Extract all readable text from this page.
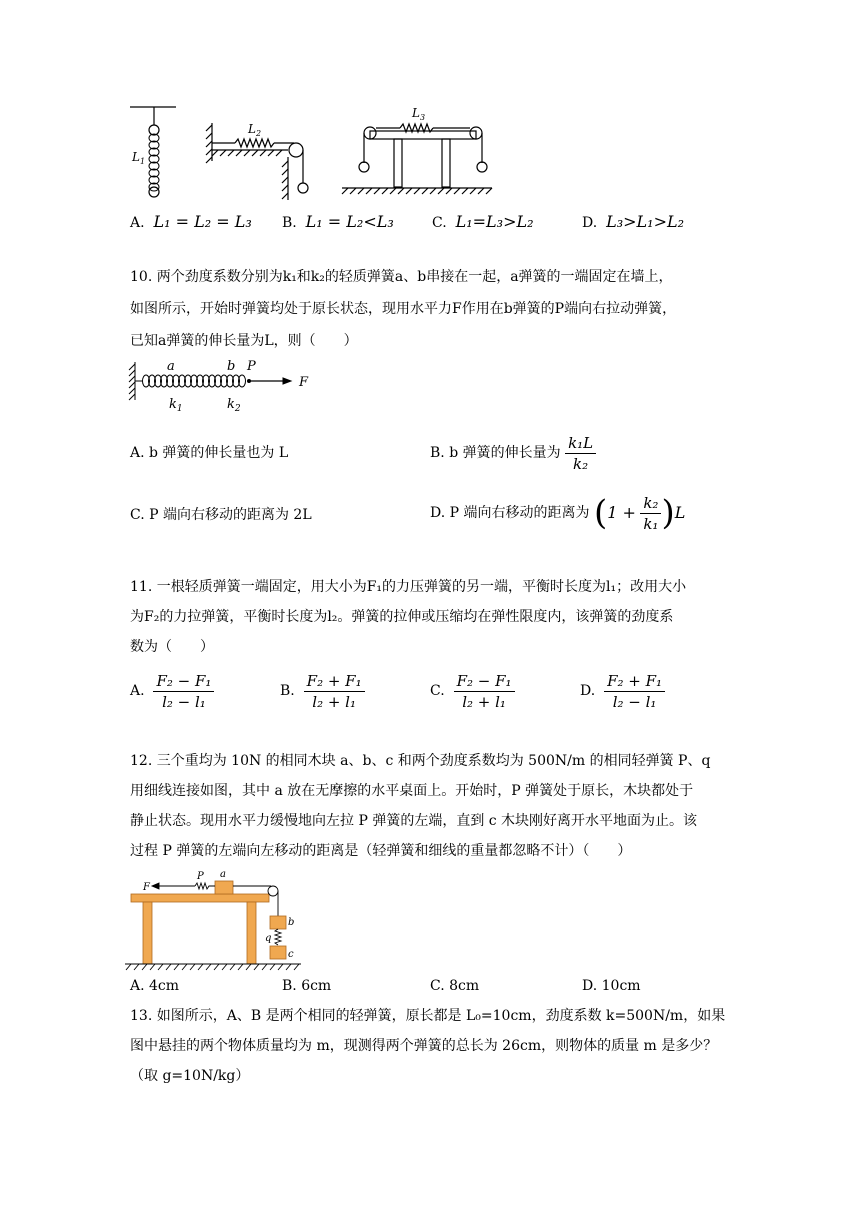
$L_1$
$L_2$
$L_3$
A. L₁ = L₂ = L₃ B. L₁ = L₂<L₃	C. L₁=L₃>L₂	D. L₃>L₁>L₂
10. 两个劲度系数分别为k₁和k₂的轻质弹簧a、b串接在一起，a弹簧的一端固定在墙上，
如图所示，开始时弹簧均处于原长状态，现用水平力F作用在b弹簧的P端向右拉动弹簧，
已知a弹簧的伸长量为L，则（　　）
a	b P
F
$k_1$	$k_2$
A. b 弹簧的伸长量也为 L	B. b 弹簧的伸长量为 $\frac{\text{k₁L}}{\text{k₂}}$
C. P 端向右移动的距离为 2L	D. P 端向右移动的距离为 $(1 + \frac{\text{k₂}}{\text{k₁}} )L$
11. 一根轻质弹簧一端固定，用大小为F₁的力压弹簧的另一端，平衡时长度为l₁；改用大小
为F₂的力拉弹簧，平衡时长度为l₂。弹簧的拉伸或压缩均在弹性限度内，该弹簧的劲度系
数为（　　）
A. $\frac{\text{F₂ − F₁}}{\text{l₂ − l₁}}$	B. $\frac{\text{F₂ + F₁}}{\text{l₂ + l₁}}$	C. $\frac{\text{F₂ − F₁}}{\text{l₂ + l₁}}$	D. $\frac{\text{F₂ + F₁}}{\text{l₂ − l₁}}$
12. 三个重均为 10N 的相同木块 a、b、c 和两个劲度系数均为 500N/m 的相同轻弹簧 P、q
用细线连接如图，其中 a 放在无摩擦的水平桌面上。开始时，P 弹簧处于原长，木块都处于
静止状态。现用水平力缓慢地向左拉 P 弹簧的左端，直到 c 木块刚好离开水平地面为止。该
过程 P 弹簧的左端向左移动的距离是（轻弹簧和细线的重量都忽略不计）（　　）
F
P a
b
q
c
A. 4cm	B. 6cm	C. 8cm	D. 10cm
13. 如图所示，A、B 是两个相同的轻弹簧，原长都是 L₀=10cm，劲度系数 k=500N/m，如果
图中悬挂的两个物体质量均为 m，现测得两个弹簧的总长为 26cm，则物体的质量 m 是多少？
（取 g=10N/kg）
